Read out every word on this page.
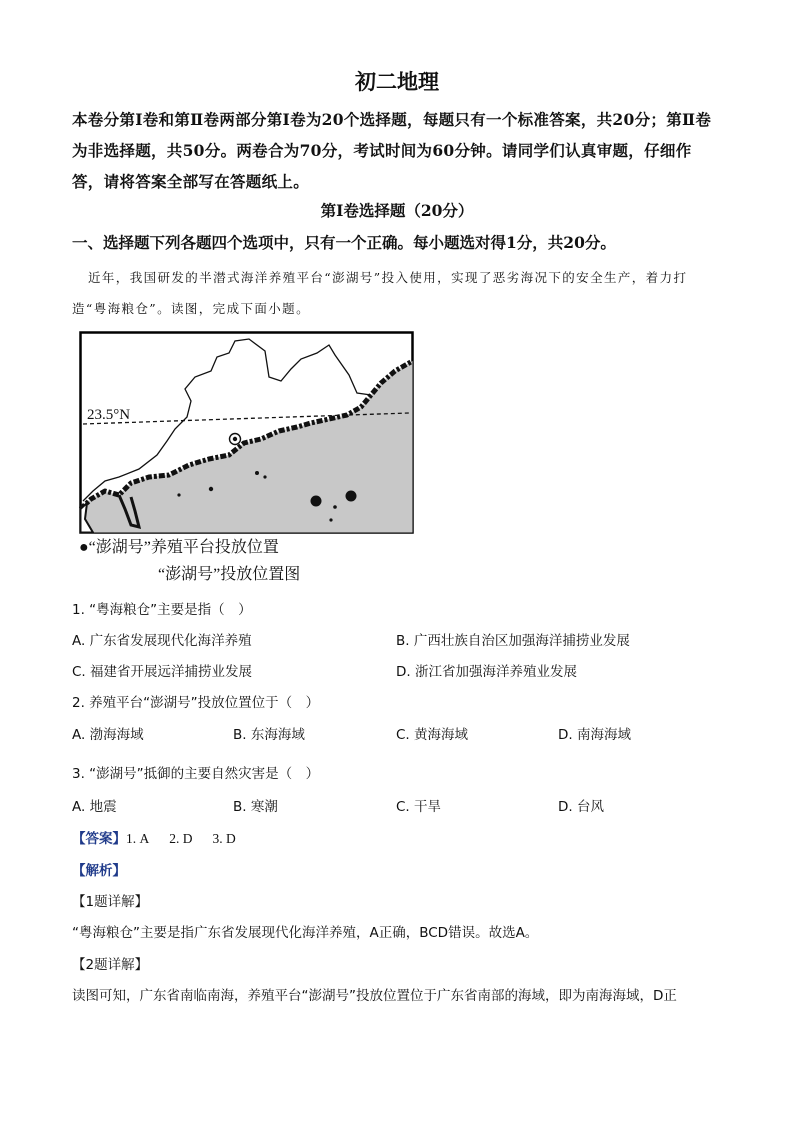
初二地理
本卷分第Ⅰ卷和第Ⅱ卷两部分第Ⅰ卷为20个选择题，每题只有一个标准答案，共20分；第Ⅱ卷为非选择题，共50分。两卷合为70分，考试时间为60分钟。请同学们认真审题，仔细作答，请将答案全部写在答题纸上。
第Ⅰ卷选择题（20分）
一、选择题下列各题四个选项中，只有一个正确。每小题选对得1分，共20分。
近年，我国研发的半潜式海洋养殖平台“澎湖号”投入使用，实现了恶劣海况下的安全生产，着力打造“粤海粮仓”。读图，完成下面小题。
23.5°N
●“澎湖号”养殖平台投放位置
“澎湖号”投放位置图
1. “粤海粮仓”主要是指（　）
A. 广东省发展现代化海洋养殖	B. 广西壮族自治区加强海洋捕捞业发展
C. 福建省开展远洋捕捞业发展	D. 浙江省加强海洋养殖业发展
2. 养殖平台“澎湖号”投放位置位于（　）
A. 渤海海域	B. 东海海域	C. 黄海海域	D. 南海海域
3. “澎湖号”抵御的主要自然灾害是（　）
A. 地震	B. 寒潮	C. 干旱	D. 台风
【答案】1. A 2. D 3. D
【解析】
【1题详解】
“粤海粮仓”主要是指广东省发展现代化海洋养殖，A正确，BCD错误。故选A。
【2题详解】
读图可知，广东省南临南海，养殖平台“澎湖号”投放位置位于广东省南部的海域，即为南海海域，D正
